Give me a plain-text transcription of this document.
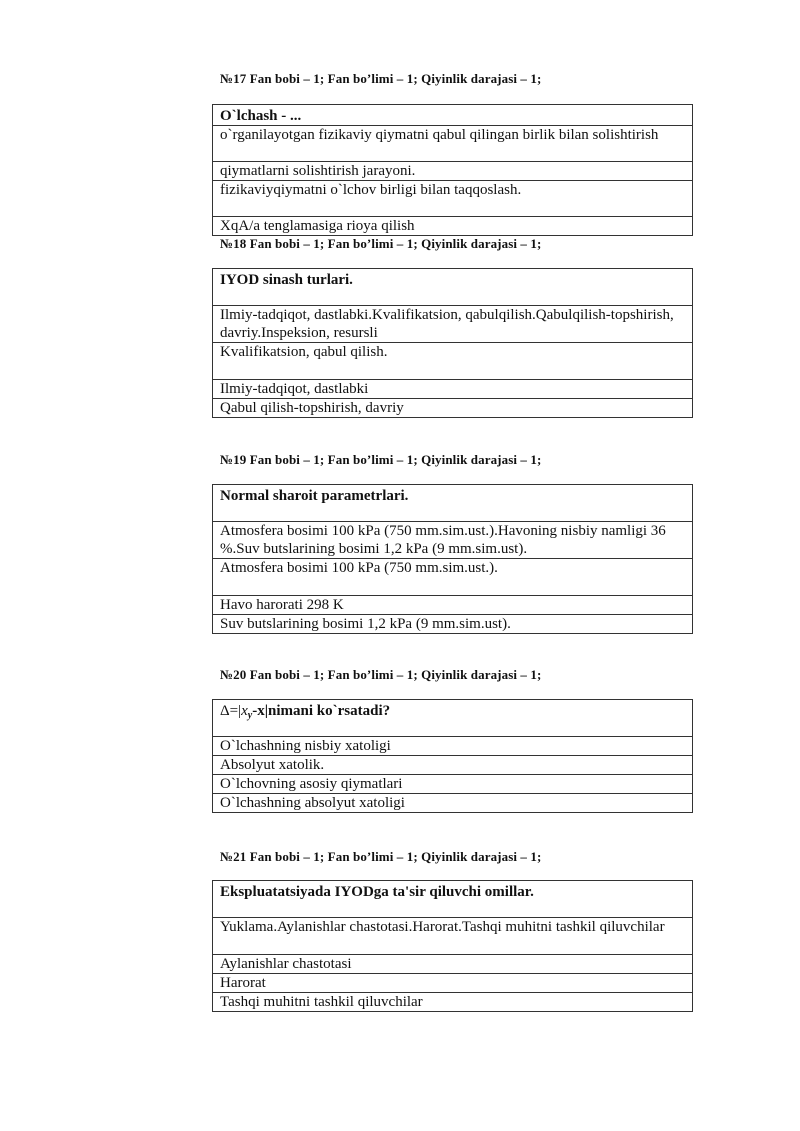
№17 Fan bobi – 1; Fan bo’limi – 1; Qiyinlik darajasi – 1;
O`lchash - ...
o`rganilayotgan fizikaviy qiymatni qabul qilingan birlik bilan solishtirish
qiymatlarni solishtirish jarayoni.
fizikaviyqiymatni o`lchov birligi bilan taqqoslash.
XqA/a tenglamasiga rioya qilish
№18 Fan bobi – 1; Fan bo’limi – 1; Qiyinlik darajasi – 1;
IYOD sinash turlari.
Ilmiy-tadqiqot, dastlabki.Kvalifikatsion, qabulqilish.Qabulqilish-topshirish, davriy.Inspeksion, resursli
Kvalifikatsion, qabul qilish.
Ilmiy-tadqiqot, dastlabki
Qabul qilish-topshirish, davriy
№19 Fan bobi – 1; Fan bo’limi – 1; Qiyinlik darajasi – 1;
Normal sharoit parametrlari.
Atmosfera bosimi 100 kPa (750 mm.sim.ust.).Havoning nisbiy namligi 36 %.Suv butslarining bosimi 1,2 kPa (9 mm.sim.ust).
Atmosfera bosimi 100 kPa (750 mm.sim.ust.).
Havo harorati 298 K
Suv butslarining bosimi 1,2 kPa (9 mm.sim.ust).
№20 Fan bobi – 1; Fan bo’limi – 1; Qiyinlik darajasi – 1;
$\Delta=|x_y-x|nimani$ ko`rsatadi?
O`lchashning nisbiy xatoligi
Absolyut xatolik.
O`lchovning asosiy qiymatlari
O`lchashning absolyut xatoligi
№21 Fan bobi – 1; Fan bo’limi – 1; Qiyinlik darajasi – 1;
Ekspluatatsiyada IYODga ta'sir qiluvchi omillar.
Yuklama.Aylanishlar chastotasi.Harorat.Tashqi muhitni tashkil qiluvchilar
Aylanishlar chastotasi
Harorat
Tashqi muhitni tashkil qiluvchilar
